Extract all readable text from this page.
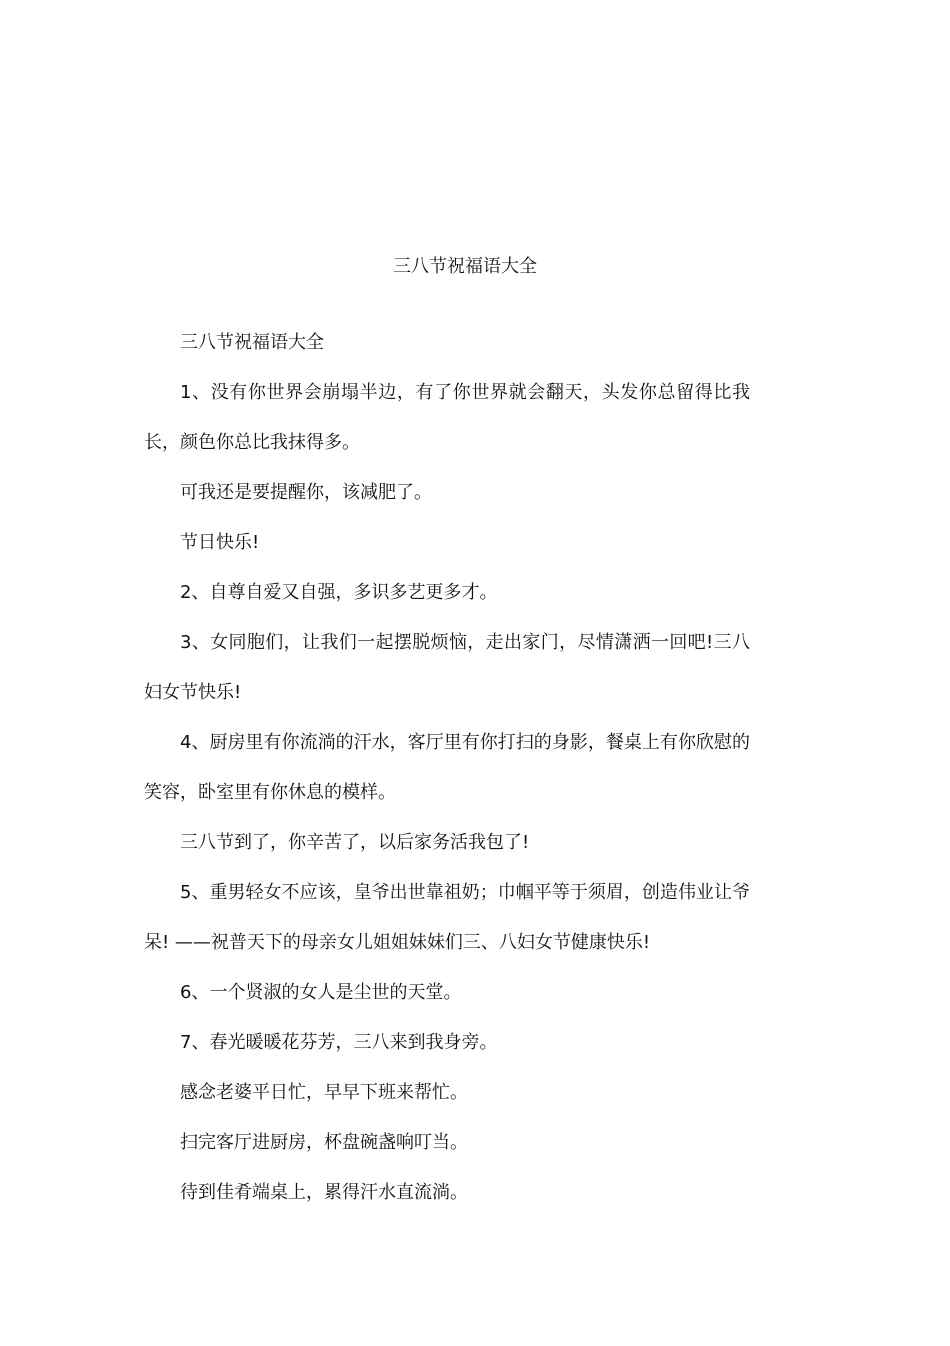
三八节祝福语大全

三八节祝福语大全

1、没有你世界会崩塌半边，有了你世界就会翻天，头发你总留得比我长，颜色你总比我抹得多。

可我还是要提醒你，该减肥了。

节日快乐!

2、自尊自爱又自强，多识多艺更多才。

3、女同胞们，让我们一起摆脱烦恼，走出家门，尽情潇洒一回吧!三八妇女节快乐!

4、厨房里有你流淌的汗水，客厅里有你打扫的身影，餐桌上有你欣慰的笑容，卧室里有你休息的模样。

三八节到了，你辛苦了，以后家务活我包了!

5、重男轻女不应该，皇爷出世靠祖奶；巾帼平等于须眉，创造伟业让爷呆! ——祝普天下的母亲女儿姐姐妹妹们三、八妇女节健康快乐!

6、一个贤淑的女人是尘世的天堂。

7、春光暖暖花芬芳，三八来到我身旁。

感念老婆平日忙，早早下班来帮忙。

扫完客厅进厨房，杯盘碗盏响叮当。

待到佳肴端桌上，累得汗水直流淌。
